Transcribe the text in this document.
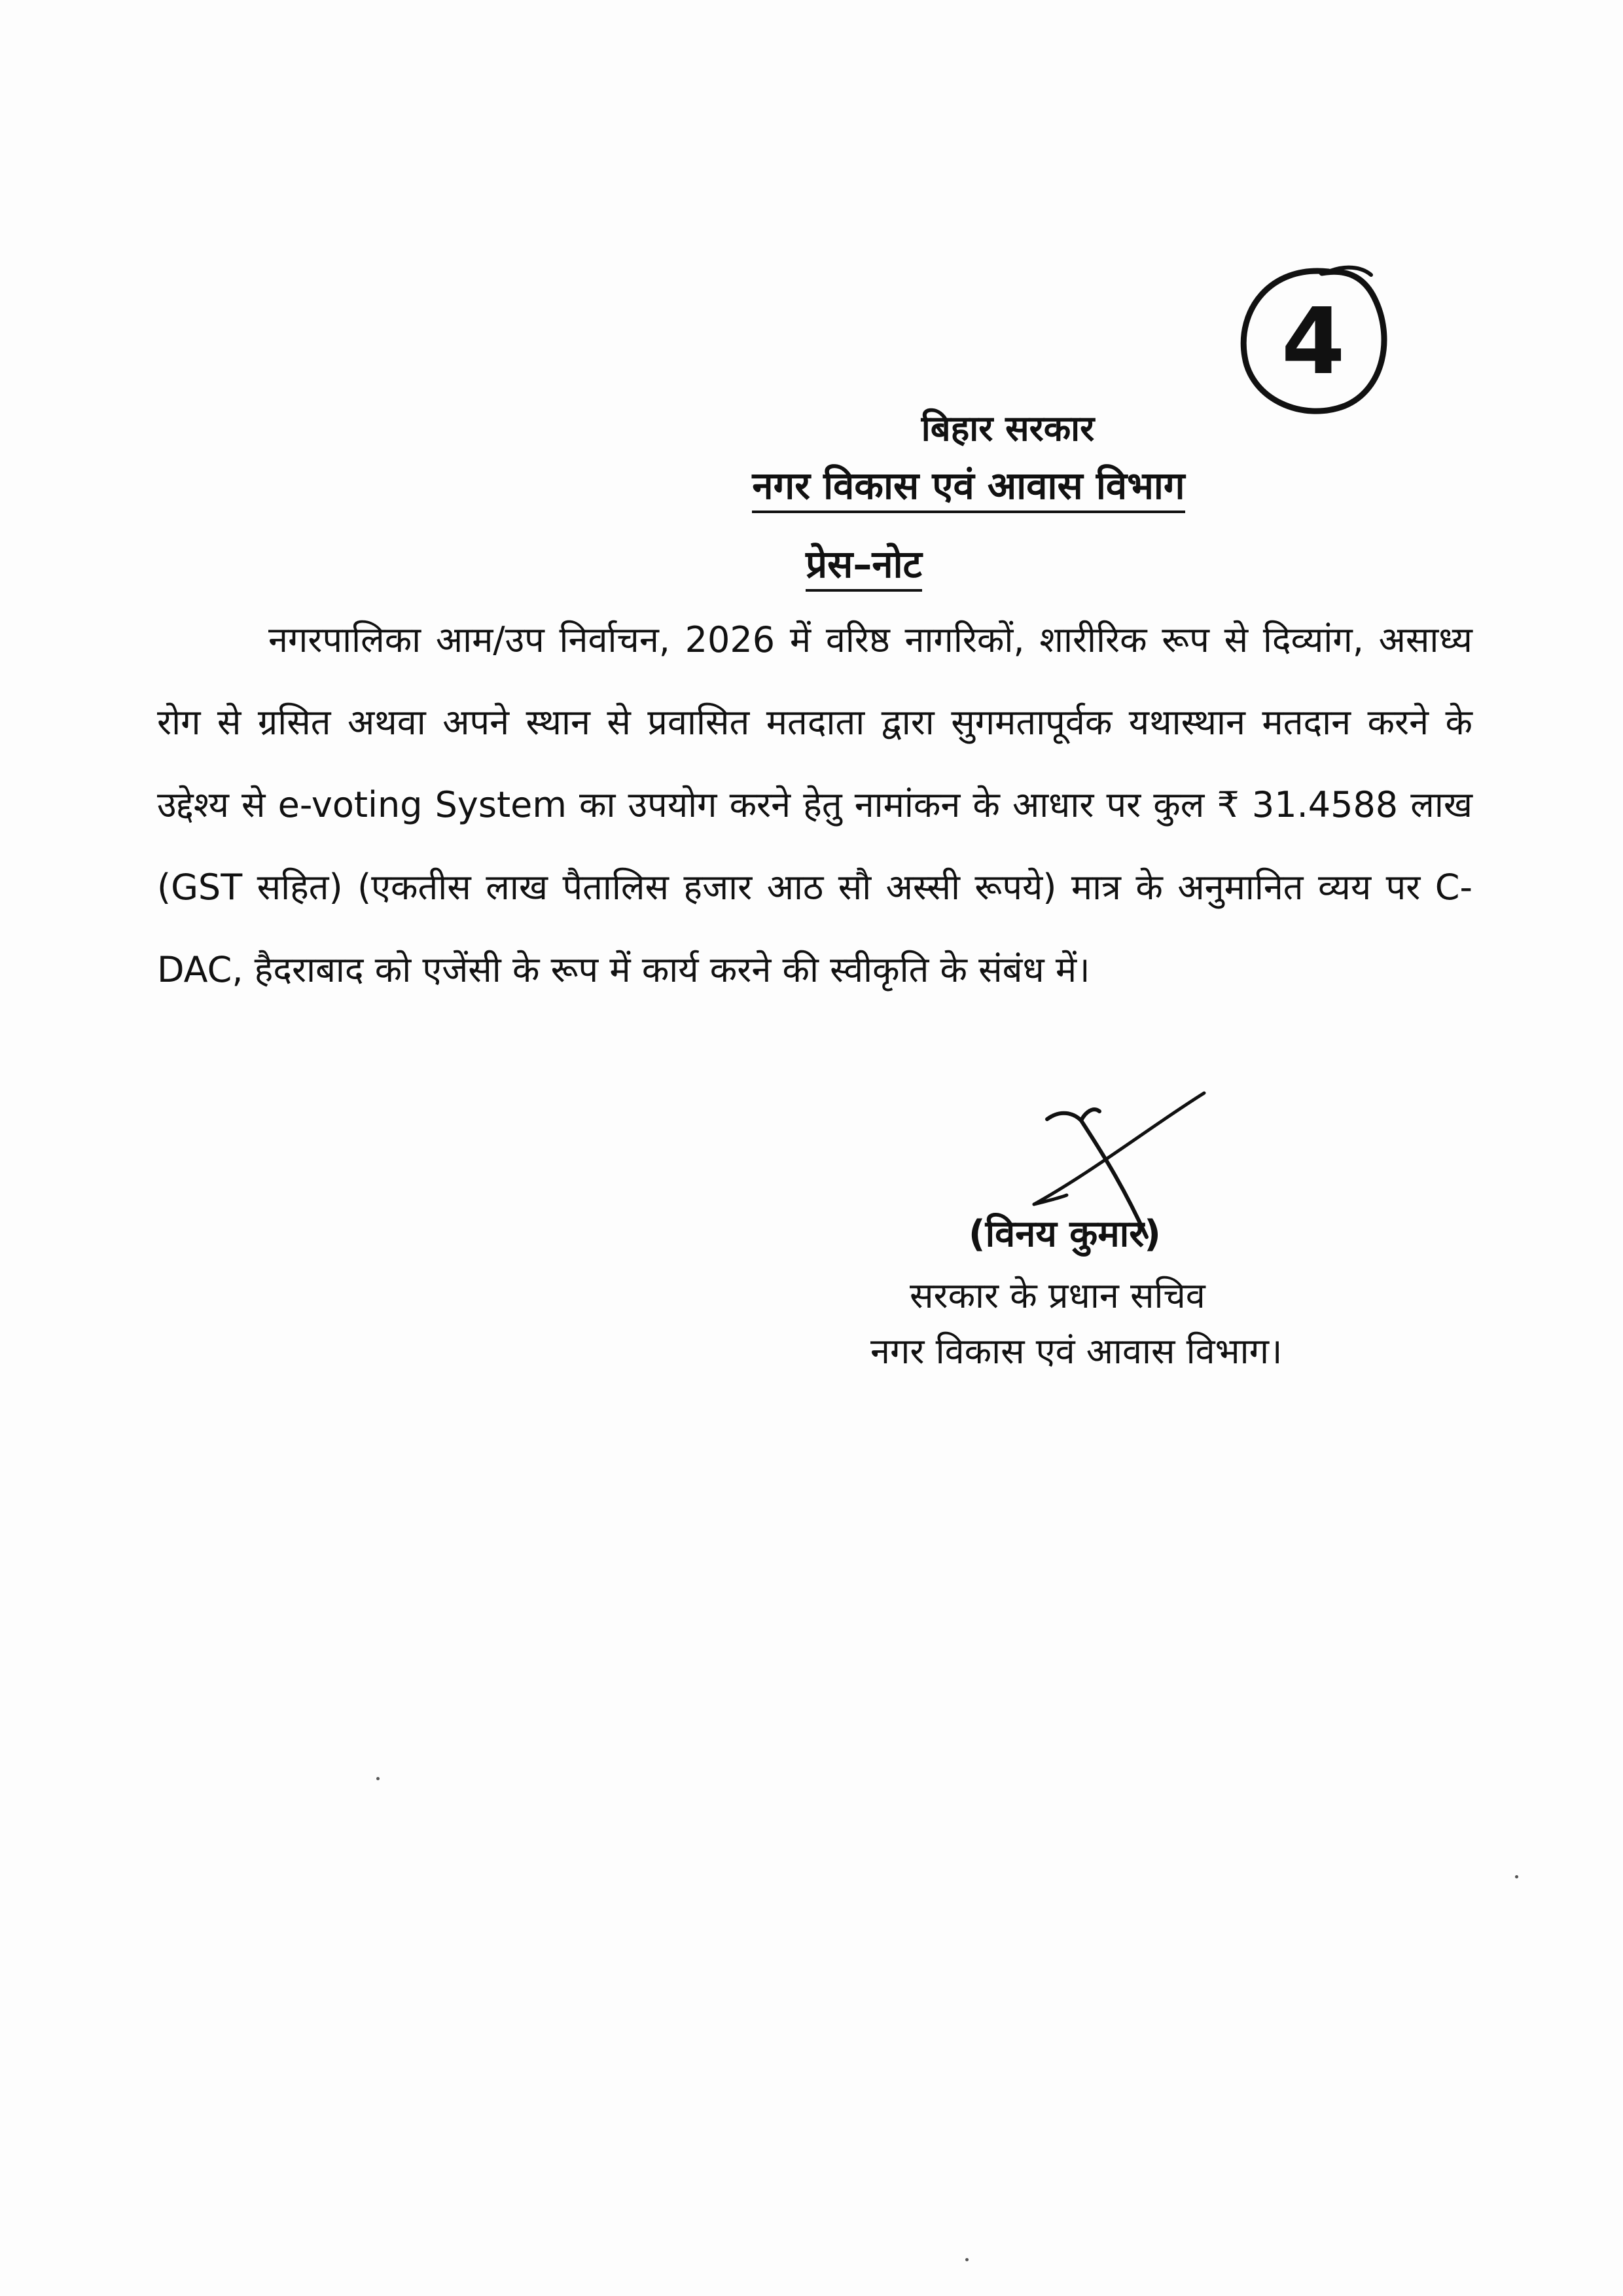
4
बिहार सरकार
नगर विकास एवं आवास विभाग
प्रेस–नोट
नगरपालिका आम/उप निर्वाचन, 2026 में वरिष्ठ नागरिकों, शारीरिक रूप से दिव्यांग, असाध्य रोग से ग्रसित अथवा अपने स्थान से प्रवासित मतदाता द्वारा सुगमतापूर्वक यथास्थान मतदान करने के उद्देश्य से e-voting System का उपयोग करने हेतु नामांकन के आधार पर कुल ₹ 31.4588 लाख (GST सहित) (एकतीस लाख पैतालिस हजार आठ सौ अस्सी रूपये) मात्र के अनुमानित व्यय पर C-DAC, हैदराबाद को एजेंसी के रूप में कार्य करने की स्वीकृति के संबंध में।
(विनय कुमार)
सरकार के प्रधान सचिव
नगर विकास एवं आवास विभाग।
